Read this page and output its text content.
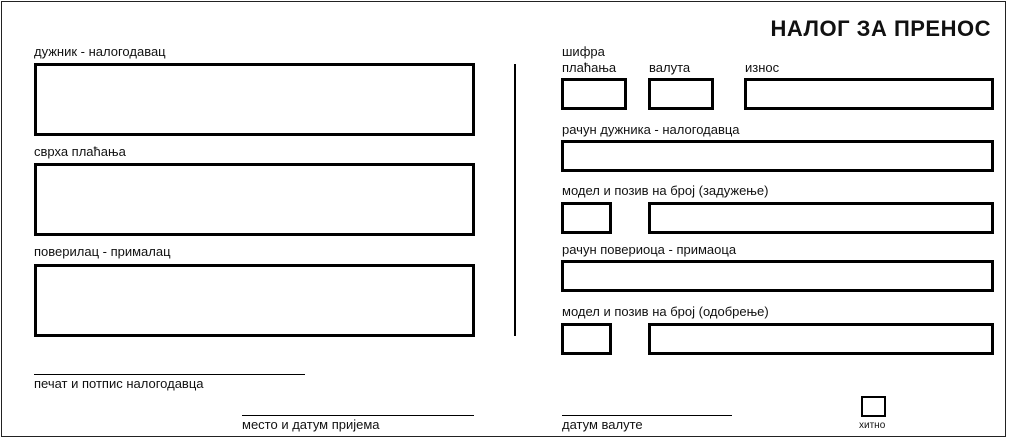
НАЛОГ ЗА ПРЕНОС
дужник - налогодавац
сврха плаћања
поверилац - прималац
печат и потпис налогодавца
место и датум пријема
шифра
плаћања	валута	износ
рачун дужника - налогодавца
модел и позив на број (задужење)
рачун повериоца - примаоца
модел и позив на број (одобрење)
датум валуте	хитно
